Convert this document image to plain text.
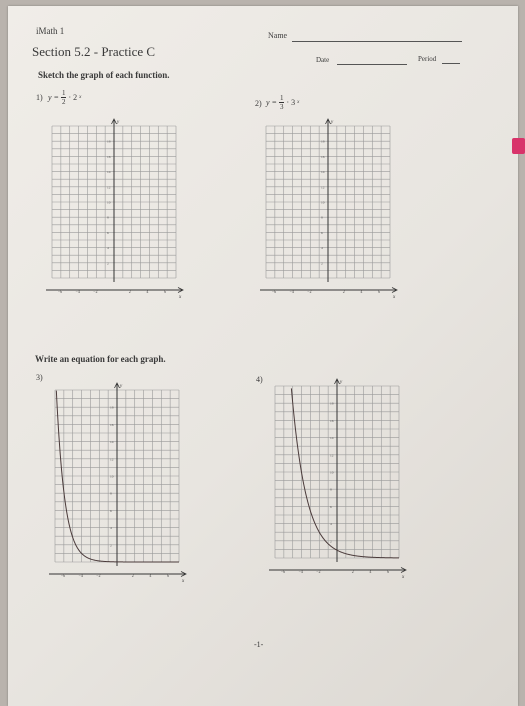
iMath 1
Section 5.2 - Practice C
Name
Date	Period
Sketch the graph of each function.
1) $y = \frac{1}{2} \cdot 2$ x
2) $y = \frac{1}{3} \cdot 3$ x
Write an equation for each graph.
3)	4)
y
x
−6	−4	−2	2	4	6
18
16
14
12
10
8
6
4
2
y
x
−6	−4	−2	2	4	6
18
16
14
12
10
8
6
4
2
y
x
−6	−4	−2	2	4	6
18
16
14
12
10
8
6
4
2
y
x
−6	−4	−2	2	4	6
18
16
14
12
10
8
6
4
2
-1-
